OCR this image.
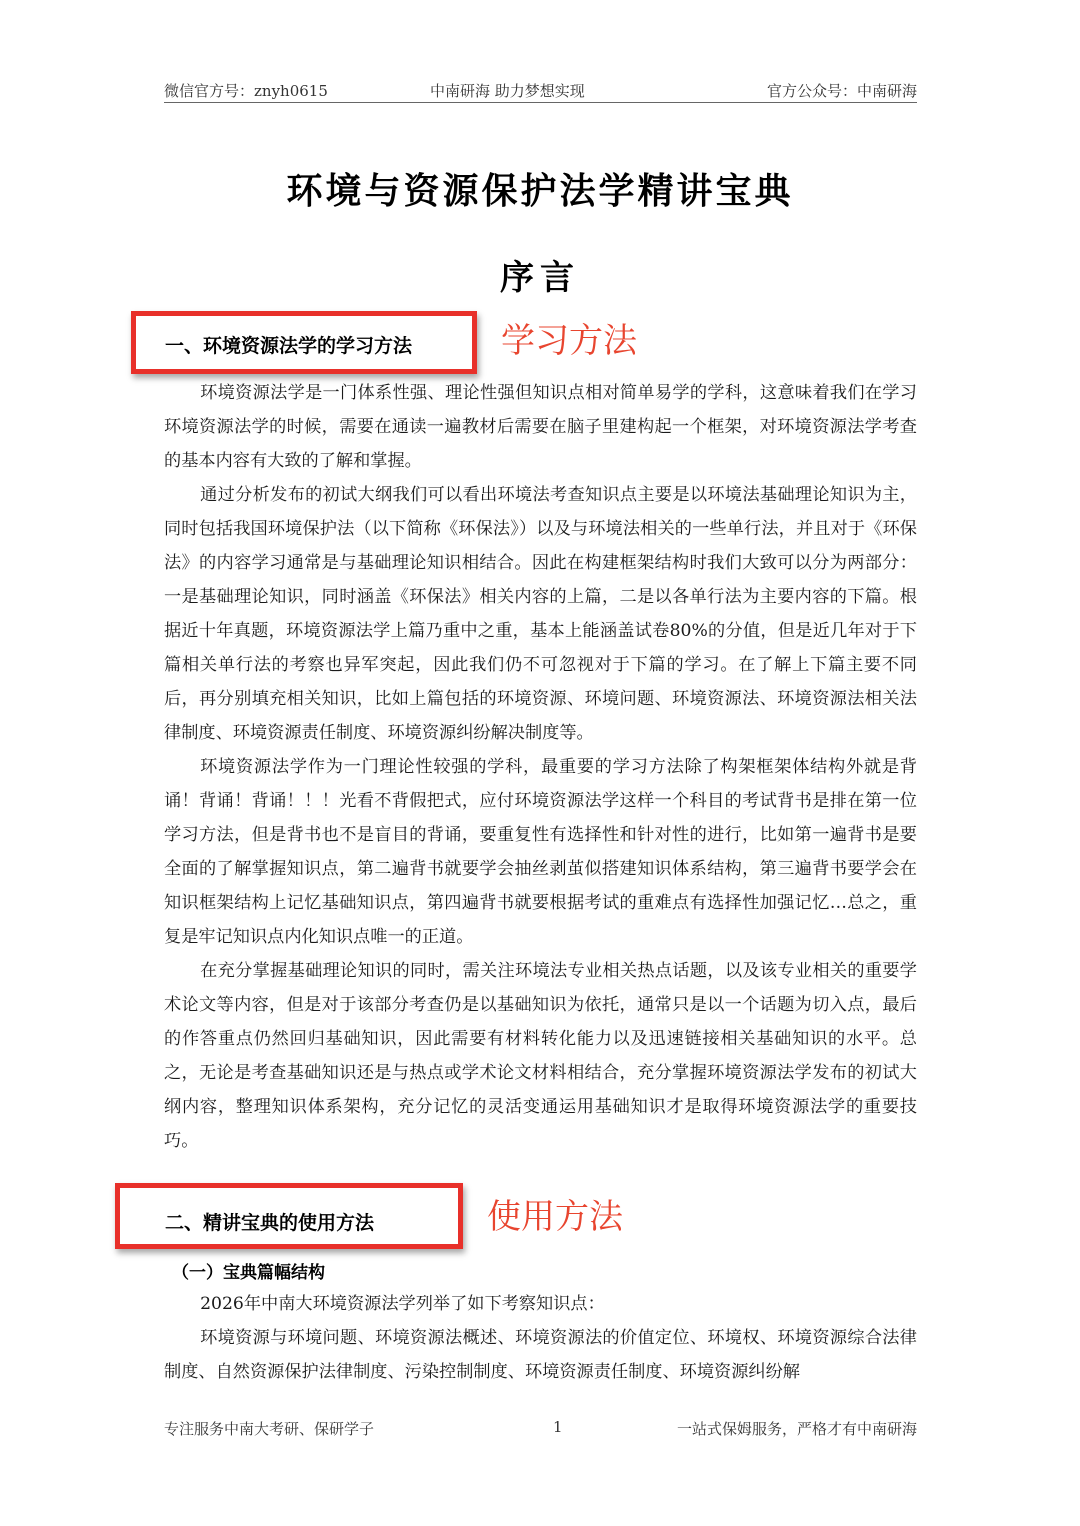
微信官方号：znyh0615	中南研海 助力梦想实现	官方公众号：中南研海
环境与资源保护法学精讲宝典
序言
一、环境资源法学的学习方法	学习方法

环境资源法学是一门体系性强、理论性强但知识点相对简单易学的学科，这意味着我们在学习环境资源法学的时候，需要在通读一遍教材后需要在脑子里建构起一个框架，对环境资源法学考查的基本内容有大致的了解和掌握。

通过分析发布的初试大纲我们可以看出环境法考查知识点主要是以环境法基础理论知识为主，同时包括我国环境保护法（以下简称《环保法》）以及与环境法相关的一些单行法，并且对于《环保法》的内容学习通常是与基础理论知识相结合。因此在构建框架结构时我们大致可以分为两部分：一是基础理论知识，同时涵盖《环保法》相关内容的上篇，二是以各单行法为主要内容的下篇。根据近十年真题，环境资源法学上篇乃重中之重，基本上能涵盖试卷80%的分值，但是近几年对于下篇相关单行法的考察也异军突起，因此我们仍不可忽视对于下篇的学习。在了解上下篇主要不同后，再分别填充相关知识，比如上篇包括的环境资源、环境问题、环境资源法、环境资源法相关法律制度、环境资源责任制度、环境资源纠纷解决制度等。

环境资源法学作为一门理论性较强的学科，最重要的学习方法除了构架框架体结构外就是背诵！背诵！背诵！！！光看不背假把式，应付环境资源法学这样一个科目的考试背书是排在第一位学习方法，但是背书也不是盲目的背诵，要重复性有选择性和针对性的进行，比如第一遍背书是要全面的了解掌握知识点，第二遍背书就要学会抽丝剥茧似搭建知识体系结构，第三遍背书要学会在知识框架结构上记忆基础知识点，第四遍背书就要根据考试的重难点有选择性加强记忆…总之，重复是牢记知识点内化知识点唯一的正道。

在充分掌握基础理论知识的同时，需关注环境法专业相关热点话题，以及该专业相关的重要学术论文等内容，但是对于该部分考查仍是以基础知识为依托，通常只是以一个话题为切入点，最后的作答重点仍然回归基础知识，因此需要有材料转化能力以及迅速链接相关基础知识的水平。总之，无论是考查基础知识还是与热点或学术论文材料相结合，充分掌握环境资源法学发布的初试大纲内容，整理知识体系架构，充分记忆的灵活变通运用基础知识才是取得环境资源法学的重要技巧。

二、精讲宝典的使用方法	使用方法
（一）宝典篇幅结构

2026年中南大环境资源法学列举了如下考察知识点：

环境资源与环境问题、环境资源法概述、环境资源法的价值定位、环境权、环境资源综合法律制度、自然资源保护法律制度、污染控制制度、环境资源责任制度、环境资源纠纷解

专注服务中南大考研、保研学子	1	一站式保姆服务，严格才有中南研海
